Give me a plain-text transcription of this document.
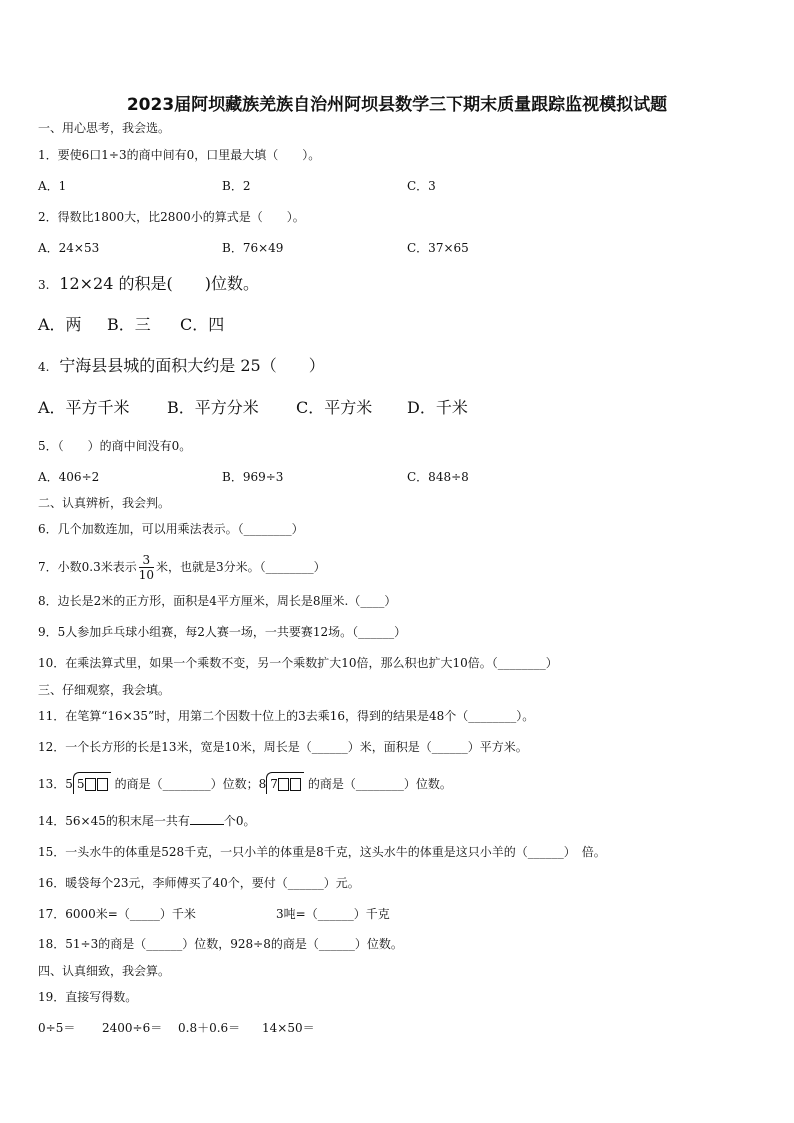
2023届阿坝藏族羌族自治州阿坝县数学三下期末质量跟踪监视模拟试题
一、用心思考，我会选。
1．要使6口1÷3的商中间有0，口里最大填（　　）。
A．1	B．2	C．3
2．得数比1800大，比2800小的算式是（　　）。
A．24×53	B．76×49	C．37×65
3. 12×24 的积是(　　)位数。
A．两 B．三 C．四
4. 宁海县县城的面积大约是 25（　　）
A．平方千米 B．平方分米 C．平方米 D．千米
5．（　　）的商中间没有0。
A．406÷2	B．969÷3	C．848÷8
二、认真辨析，我会判。
6．几个加数连加，可以用乘法表示。（________）
7．小数0.3米表示 $\frac{3}{10}$ 米，也就是3分米。（________）
8．边长是2米的正方形，面积是4平方厘米，周长是8厘米.（____）
9．5人参加乒乓球小组赛，每2人赛一场，一共要赛12场。（______）
10．在乘法算式里，如果一个乘数不变，另一个乘数扩大10倍，那么积也扩大10倍。（________）
三、仔细观察，我会填。
11．在笔算“16×35”时，用第二个因数十位上的3去乘16，得到的结果是48个（________）。
12．一个长方形的长是13米，宽是10米，周长是（______）米，面积是（______）平方米。
13．5 5	的商是（________）位数；8 7	的商是（________）位数。
14．56×45的积末尾一共有	个0。
15．一头水牛的体重是528千克，一只小羊的体重是8千克，这头水牛的体重是这只小羊的（______）　倍。
16．暖袋每个23元，李师傅买了40个，要付（______）元。
17．6000米=（_____）千米	3吨=（______）千克
18．51÷3的商是（______）位数，928÷8的商是（______）位数。
四、认真细致，我会算。
19．直接写得数。
0÷5＝ 2400÷6＝ 0.8＋0.6＝ 14×50＝
